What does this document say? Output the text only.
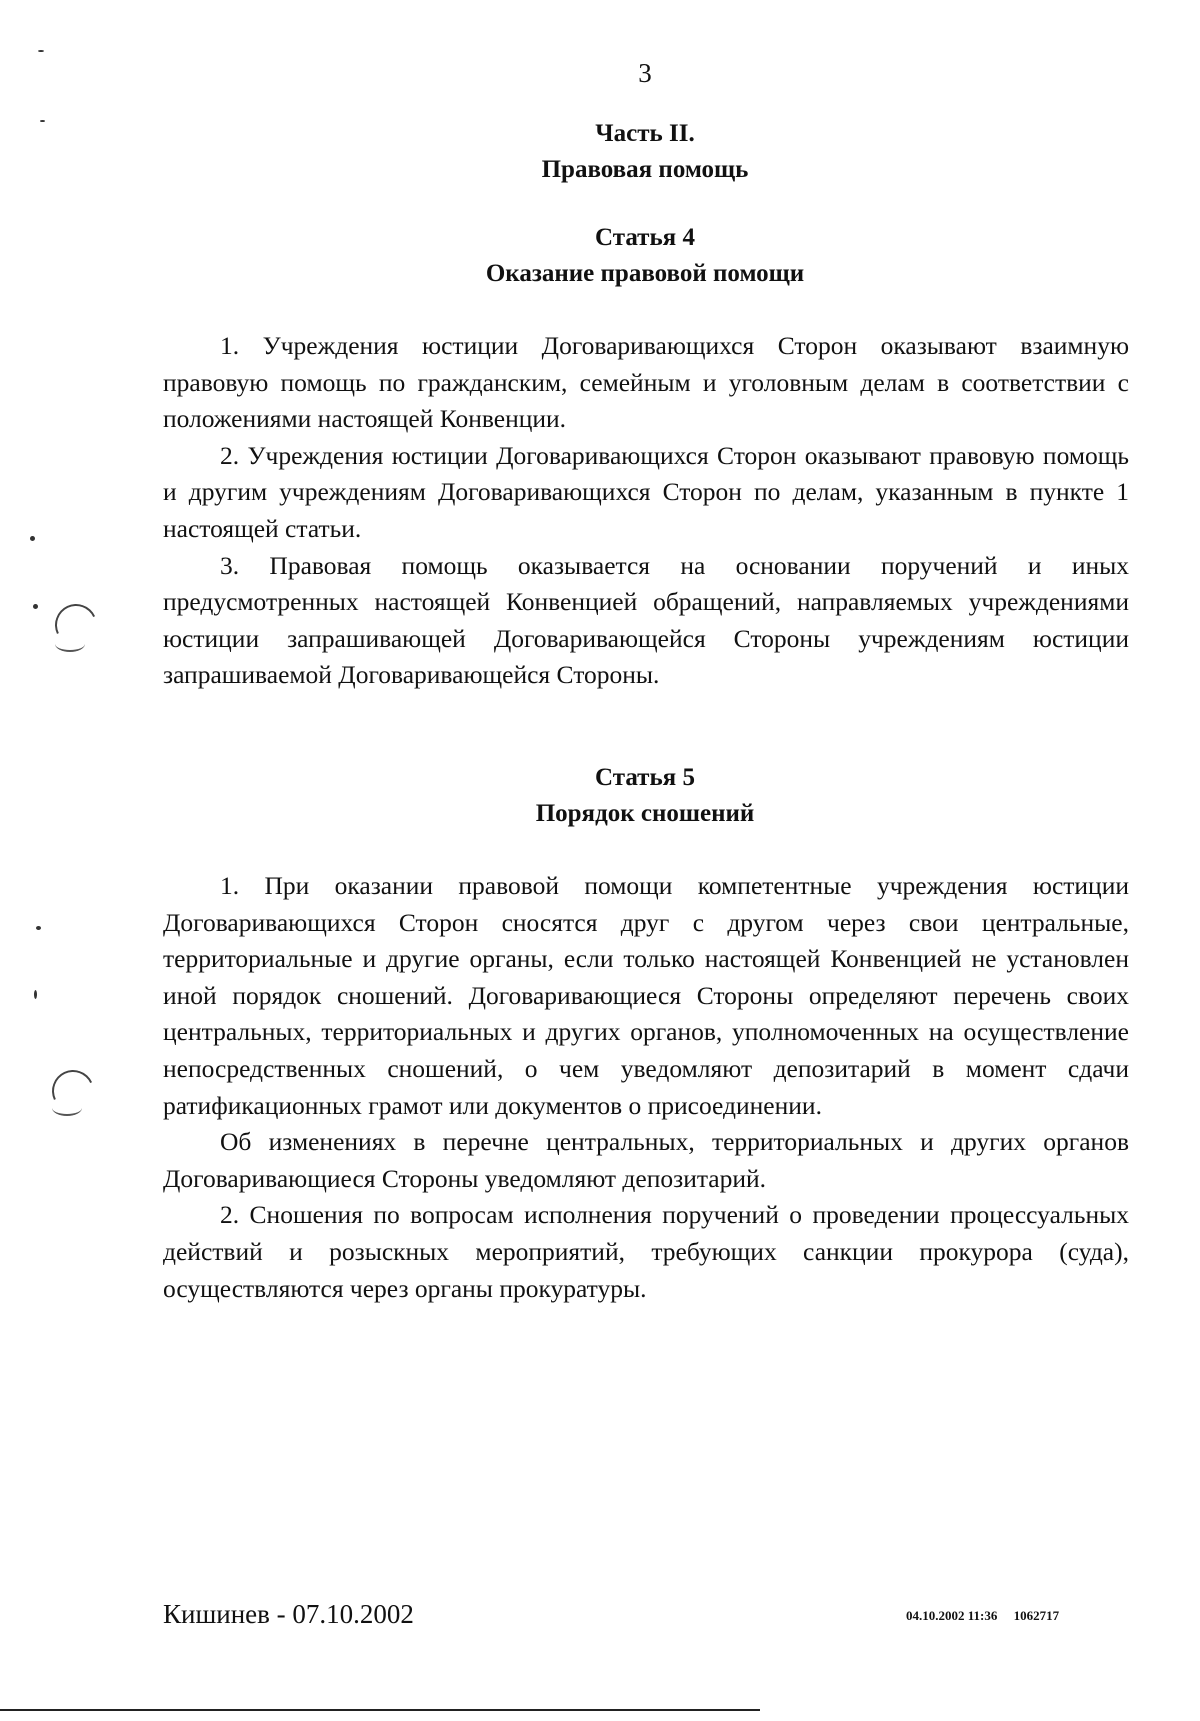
3
Часть II.
Правовая помощь
Статья 4
Оказание правовой помощи

1. Учреждения юстиции Договаривающихся Сторон оказывают взаимную правовую помощь по гражданским, семейным и уголовным делам в соответствии с положениями настоящей Конвенции.

2. Учреждения юстиции Договаривающихся Сторон оказывают правовую помощь и другим учреждениям Договаривающихся Сторон по делам, указанным в пункте 1 настоящей статьи.

3. Правовая помощь оказывается на основании поручений и иных предусмотренных настоящей Конвенцией обращений, направляемых учреждениями юстиции запрашивающей Договаривающейся Стороны учреждениям юстиции запрашиваемой Договаривающейся Стороны.

Статья 5
Порядок сношений

1. При оказании правовой помощи компетентные учреждения юстиции Договаривающихся Сторон сносятся друг с другом через свои центральные, территориальные и другие органы, если только настоящей Конвенцией не установлен иной порядок сношений. Договаривающиеся Стороны определяют перечень своих центральных, территориальных и других органов, уполномоченных на осуществление непосредственных сношений, о чем уведомляют депозитарий в момент сдачи ратификационных грамот или документов о присоединении.

Об изменениях в перечне центральных, территориальных и других органов Договаривающиеся Стороны уведомляют депозитарий.

2. Сношения по вопросам исполнения поручений о проведении процессуальных действий и розыскных мероприятий, требующих санкции прокурора (суда), осуществляются через органы прокуратуры.

Кишинев - 07.10.2002	04.10.2002 11:36 1062717
